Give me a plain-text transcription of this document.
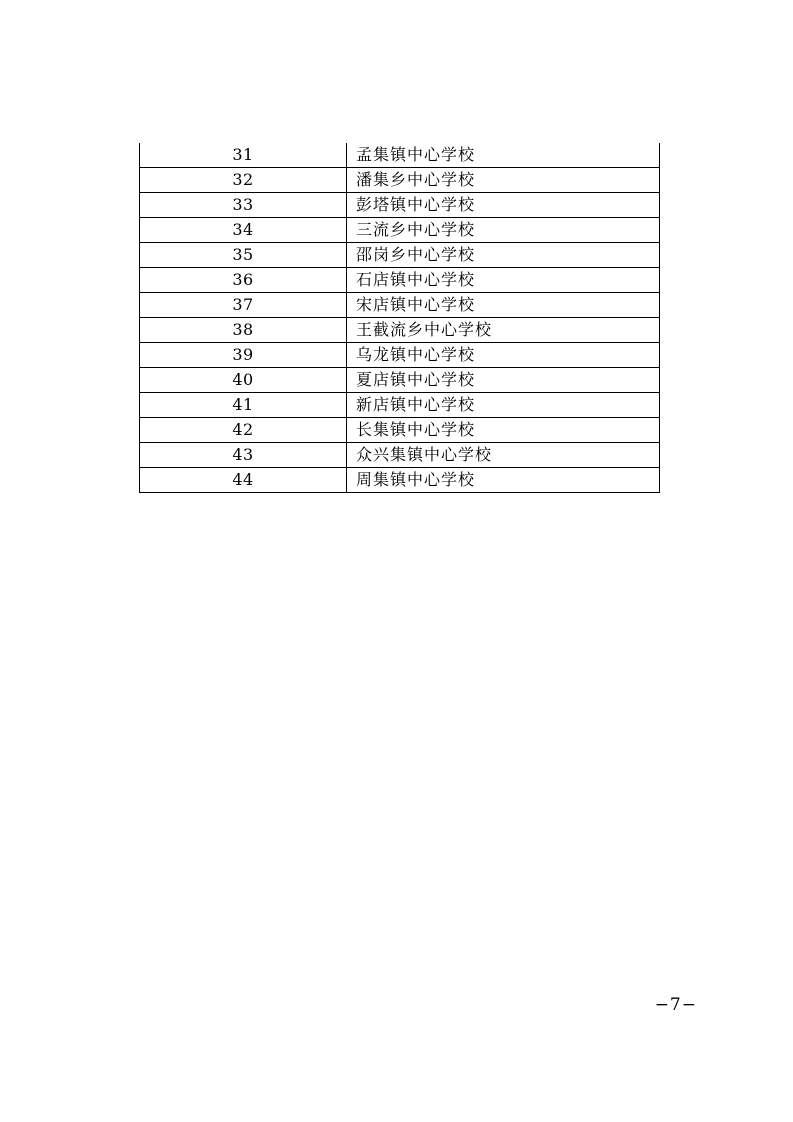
31	孟集镇中心学校
32	潘集乡中心学校
33	彭塔镇中心学校
34	三流乡中心学校
35	邵岗乡中心学校
36	石店镇中心学校
37	宋店镇中心学校
38	王截流乡中心学校
39	乌龙镇中心学校
40	夏店镇中心学校
41	新店镇中心学校
42	长集镇中心学校
43	众兴集镇中心学校
44	周集镇中心学校
−7−
